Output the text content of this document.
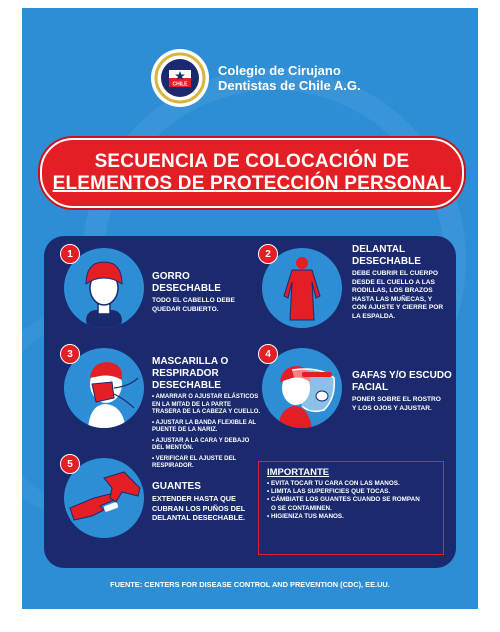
CHILE
Colegio de Cirujano
Dentistas de Chile A.G.
SECUENCIA DE COLOCACIÓN DE
ELEMENTOS DE PROTECCIÓN PERSONAL
1
GORRO
DESECHABLE
TODO EL CABELLO DEBE
QUEDAR CUBIERTO.
2	DELANTAL
DESECHABLE
DEBE CUBRIR EL CUERPO
DESDE EL CUELLO A LAS
RODILLAS, LOS BRAZOS
HASTA LAS MUÑECAS, Y
CON AJUSTE Y CIERRE POR
LA ESPALDA.
3
MASCARILLA O
RESPIRADOR
DESECHABLE
• AMARRAR O AJUSTAR ELÁSTICOS
EN LA MITAD DE LA PARTE
TRASERA DE LA CABEZA Y CUELLO.
• AJUSTAR LA BANDA FLEXIBLE AL
PUENTE DE LA NARIZ.
• AJUSTAR A LA CARA Y DEBAJO
DEL MENTÓN.
• VERIFICAR EL AJUSTE DEL
RESPIRADOR.
4
GAFAS Y/O ESCUDO
FACIAL
PONER SOBRE EL ROSTRO
Y LOS OJOS Y AJUSTAR.
5
GUANTES
EXTENDER HASTA QUE
CUBRAN LOS PUÑOS DEL
DELANTAL DESECHABLE.
IMPORTANTE
• EVITA TOCAR TU CARA CON LAS MANOS.
• LIMITA LAS SUPERFICIES QUE TOCAS.
• CÁMBIATE LOS GUANTES CUANDO SE ROMPAN
O SE CONTAMINEN.
• HIGIENIZA TUS MANOS.
FUENTE: CENTERS FOR DISEASE CONTROL AND PREVENTION (CDC), EE.UU.
